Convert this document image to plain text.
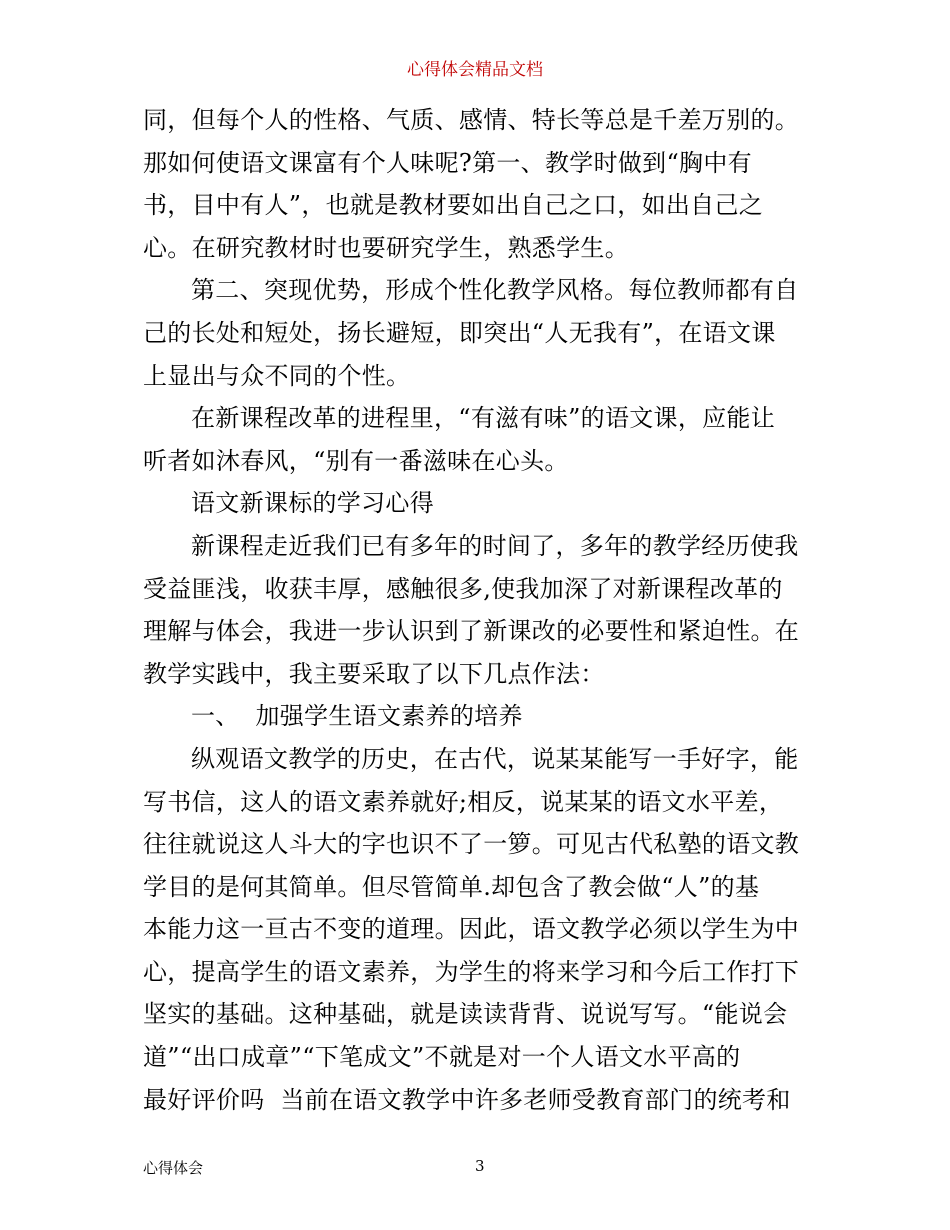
心得体会精品文档
同，但每个人的性格、气质、感情、特长等总是千差万别的。
那如何使语文课富有个人味呢?第一、教学时做到“胸中有
书，目中有人”，也就是教材要如出自己之口，如出自己之
心。在研究教材时也要研究学生，熟悉学生。
第二、突现优势，形成个性化教学风格。每位教师都有自
己的长处和短处，扬长避短，即突出“人无我有”，在语文课
上显出与众不同的个性。
在新课程改革的进程里，“有滋有味”的语文课，应能让
听者如沐春风，“别有一番滋味在心头。
语文新课标的学习心得
新课程走近我们已有多年的时间了，多年的教学经历使我
受益匪浅，收获丰厚，感触很多,使我加深了对新课程改革的
理解与体会，我进一步认识到了新课改的必要性和紧迫性。在
教学实践中，我主要采取了以下几点作法：
一、  加强学生语文素养的培养
纵观语文教学的历史，在古代，说某某能写一手好字，能
写书信，这人的语文素养就好;相反，说某某的语文水平差，
往往就说这人斗大的字也识不了一箩。可见古代私塾的语文教
学目的是何其简单。但尽管简单.却包含了教会做“人”的基
本能力这一亘古不变的道理。因此，语文教学必须以学生为中
心，提高学生的语文素养，为学生的将来学习和今后工作打下
坚实的基础。这种基础，就是读读背背、说说写写。“能说会
道”“出口成章”“下笔成文”不就是对一个人语文水平高的
最好评价吗  当前在语文教学中许多老师受教育部门的统考和
心得体会	3
